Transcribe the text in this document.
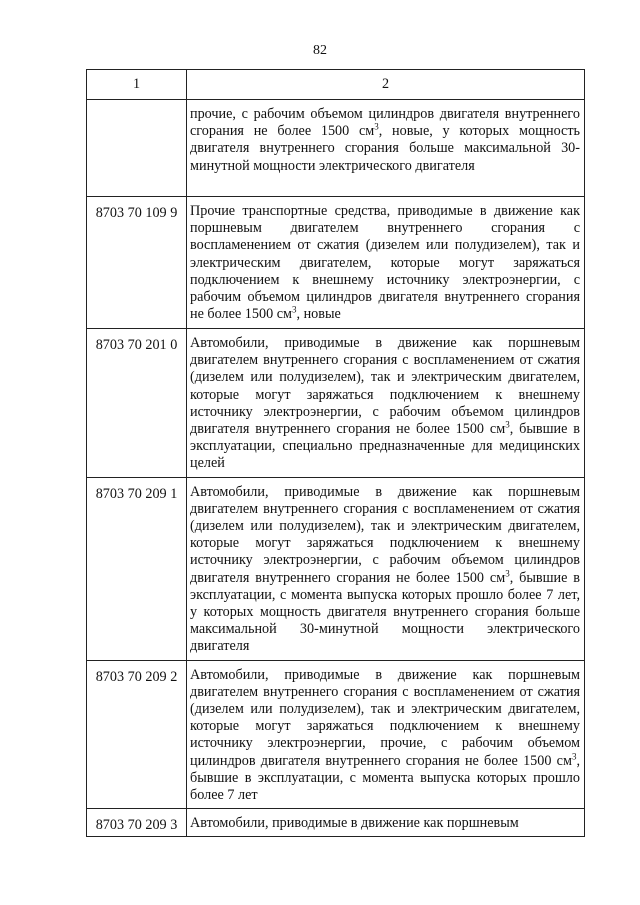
82
1	2
	прочие, с рабочим объемом цилиндров двигателя внутреннего сгорания не более 1500 $см^3$, новые, у которых мощность двигателя внутреннего сгорания больше максимальной 30-минутной мощности электрического двигателя
8703 70 109 9	Прочие транспортные средства, приводимые в движение как поршневым двигателем внутреннего сгорания с воспламенением от сжатия (дизелем или полудизелем), так и электрическим двигателем, которые могут заряжаться подключением к внешнему источнику электроэнергии, с рабочим объемом цилиндров двигателя внутреннего сгорания не более 1500 $см^3$, новые
8703 70 201 0	Автомобили, приводимые в движение как поршневым двигателем внутреннего сгорания с воспламенением от сжатия (дизелем или полудизелем), так и электрическим двигателем, которые могут заряжаться подключением к внешнему источнику электроэнергии, с рабочим объемом цилиндров двигателя внутреннего сгорания не более 1500 $см^3$, бывшие в эксплуатации, специально предназначенные для медицинских целей
8703 70 209 1	Автомобили, приводимые в движение как поршневым двигателем внутреннего сгорания с воспламенением от сжатия (дизелем или полудизелем), так и электрическим двигателем, которые могут заряжаться подключением к внешнему источнику электроэнергии, с рабочим объемом цилиндров двигателя внутреннего сгорания не более 1500 $см^3$, бывшие в эксплуатации, с момента выпуска которых прошло более 7 лет, у которых мощность двигателя внутреннего сгорания больше максимальной 30-минутной мощности электрического двигателя
8703 70 209 2	Автомобили, приводимые в движение как поршневым двигателем внутреннего сгорания с воспламенением от сжатия (дизелем или полудизелем), так и электрическим двигателем, которые могут заряжаться подключением к внешнему источнику электроэнергии, прочие, с рабочим объемом цилиндров двигателя внутреннего сгорания не более 1500 $см^3$, бывшие в эксплуатации, с момента выпуска которых прошло более 7 лет
8703 70 209 3	Автомобили, приводимые в движение как поршневым
